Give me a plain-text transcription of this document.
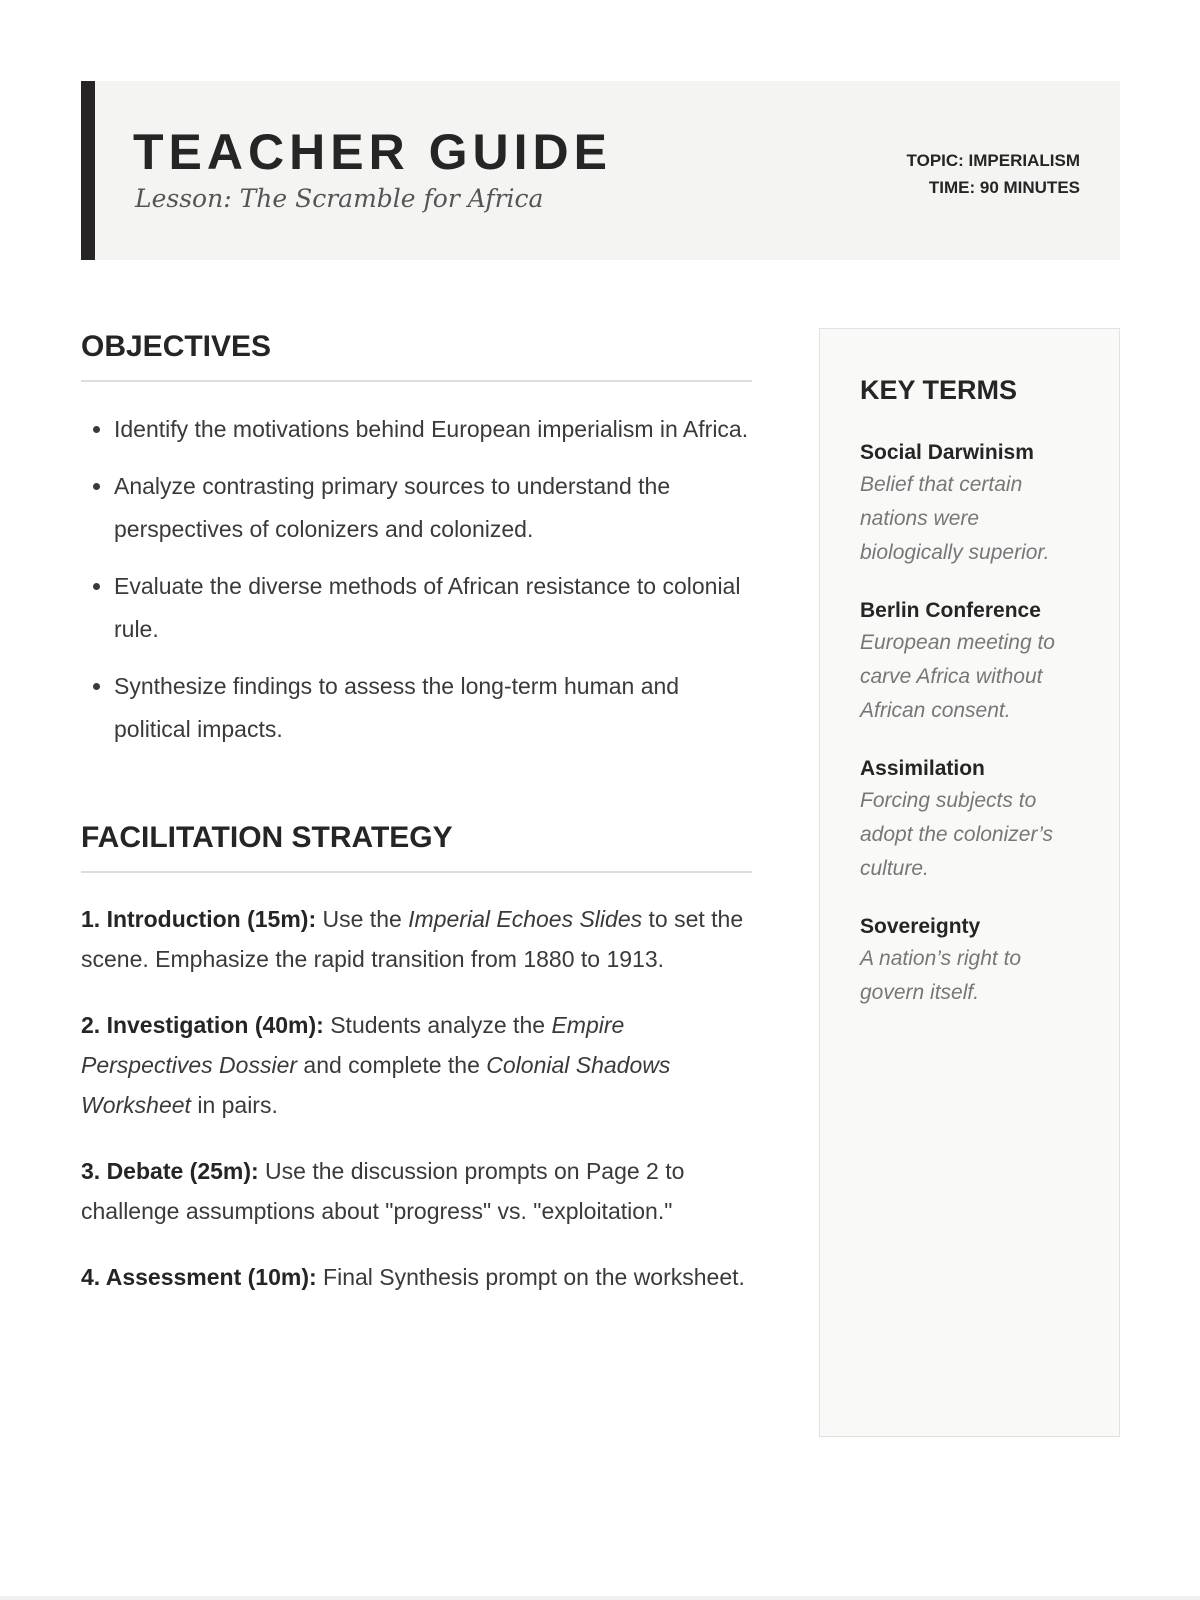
TEACHER GUIDE
Lesson: The Scramble for Africa
TOPIC: IMPERIALISM
TIME: 90 MINUTES
OBJECTIVES
• Identify the motivations behind European imperialism in Africa.
• Analyze contrasting primary sources to understand the perspectives of colonizers and colonized.
• Evaluate the diverse methods of African resistance to colonial rule.
• Synthesize findings to assess the long-term human and political impacts.
FACILITATION STRATEGY

1. Introduction (15m): Use the Imperial Echoes Slides to set the scene. Emphasize the rapid transition from 1880 to 1913.

2. Investigation (40m): Students analyze the Empire Perspectives Dossier and complete the Colonial Shadows Worksheet in pairs.

3. Debate (25m): Use the discussion prompts on Page 2 to challenge assumptions about "progress" vs. "exploitation."

4. Assessment (10m): Final Synthesis prompt on the worksheet.

KEY TERMS
Social Darwinism
Belief that certain nations were biologically superior.
Berlin Conference
European meeting to carve Africa without African consent.
Assimilation
Forcing subjects to adopt the colonizer’s culture.
Sovereignty
A nation’s right to govern itself.
